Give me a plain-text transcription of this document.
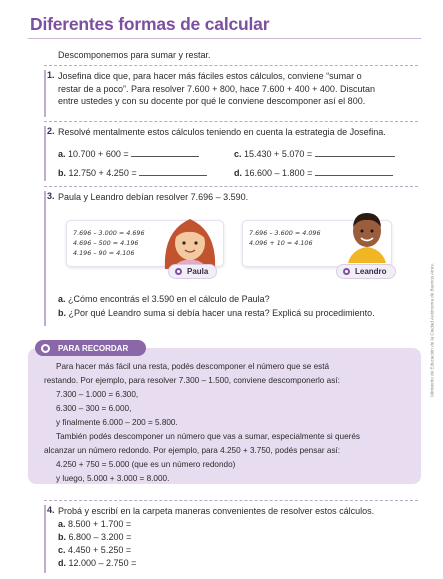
Diferentes formas de calcular
Descomponemos para sumar y restar.
1. Josefina dice que, para hacer más fáciles estos cálculos, conviene “sumar o
restar de a poco”. Para resolver 7.600 + 800, hace 7.600 + 400 + 400. Discutan
entre ustedes y con su docente por qué le conviene descomponer así el 800.
2. Resolvé mentalmente estos cálculos teniendo en cuenta la estrategia de Josefina.
a. 10.700 + 600 =	c. 15.430 + 5.070 =
b. 12.750 + 4.250 =	d. 16.600 – 1.800 =
3. Paula y Leandro debían resolver 7.696 – 3.590.
7.696 – 3.000 = 4.696
4.696 – 500 = 4.196
4.196 – 90 = 4.106
Paula
7.696 – 3.600 = 4.096
4.096 + 10 = 4.106
Leandro
a. ¿Cómo encontrás el 3.590 en el cálculo de Paula?
b. ¿Por qué Leandro suma si debía hacer una resta? Explicá su procedimiento.
PARA RECORDAR
Para hacer más fácil una resta, podés descomponer el número que se está
restando. Por ejemplo, para resolver 7.300 – 1.500, conviene descomponerlo así:
7.300 – 1.000 = 6.300,
6.300 – 300 = 6.000,
y finalmente 6.000 – 200 = 5.800.
También podés descomponer un número que vas a sumar, especialmente si querés
alcanzar un número redondo. Por ejemplo, para 4.250 + 3.750, podés pensar así:
4.250 + 750 = 5.000 (que es un número redondo)
y luego, 5.000 + 3.000 = 8.000.
4. Probá y escribí en la carpeta maneras convenientes de resolver estos cálculos.
a. 8.500 + 1.700 =
b. 6.800 – 3.200 =
c. 4.450 + 5.250 =
d. 12.000 – 2.750 =
Ministerio de Educación de la Ciudad Autónoma de Buenos Aires.
